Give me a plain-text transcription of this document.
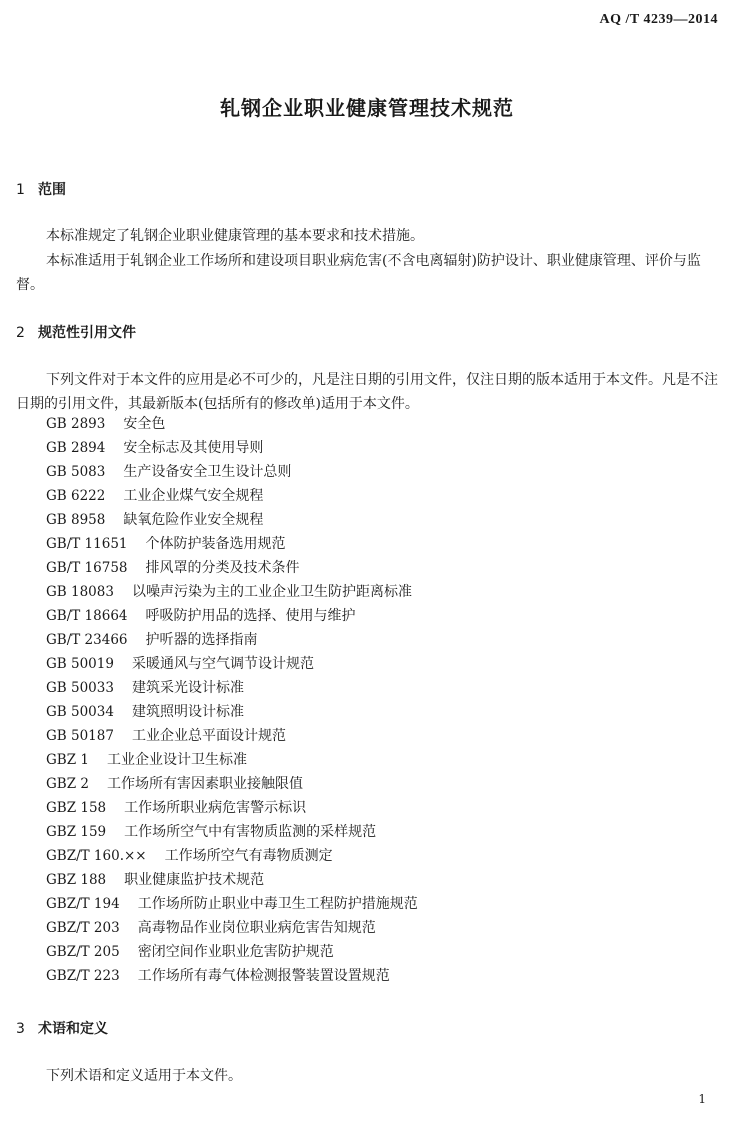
AQ /T 4239—2014
轧钢企业职业健康管理技术规范
1 范围
本标准规定了轧钢企业职业健康管理的基本要求和技术措施。
本标准适用于轧钢企业工作场所和建设项目职业病危害(不含电离辐射)防护设计、职业健康管理、评价与监督。
2 规范性引用文件
下列文件对于本文件的应用是必不可少的，凡是注日期的引用文件，仅注日期的版本适用于本文件。凡是不注日期的引用文件，其最新版本(包括所有的修改单)适用于本文件。
GB 2893 安全色
GB 2894 安全标志及其使用导则
GB 5083 生产设备安全卫生设计总则
GB 6222 工业企业煤气安全规程
GB 8958 缺氧危险作业安全规程
GB/T 11651 个体防护装备选用规范
GB/T 16758 排风罩的分类及技术条件
GB 18083 以噪声污染为主的工业企业卫生防护距离标准
GB/T 18664 呼吸防护用品的选择、使用与维护
GB/T 23466 护听器的选择指南
GB 50019 采暖通风与空气调节设计规范
GB 50033 建筑采光设计标准
GB 50034 建筑照明设计标准
GB 50187 工业企业总平面设计规范
GBZ 1 工业企业设计卫生标准
GBZ 2 工作场所有害因素职业接触限值
GBZ 158 工作场所职业病危害警示标识
GBZ 159 工作场所空气中有害物质监测的采样规范
GBZ/T 160.×× 工作场所空气有毒物质测定
GBZ 188 职业健康监护技术规范
GBZ/T 194 工作场所防止职业中毒卫生工程防护措施规范
GBZ/T 203 高毒物品作业岗位职业病危害告知规范
GBZ/T 205 密闭空间作业职业危害防护规范
GBZ/T 223 工作场所有毒气体检测报警装置设置规范
3 术语和定义
下列术语和定义适用于本文件。
1
